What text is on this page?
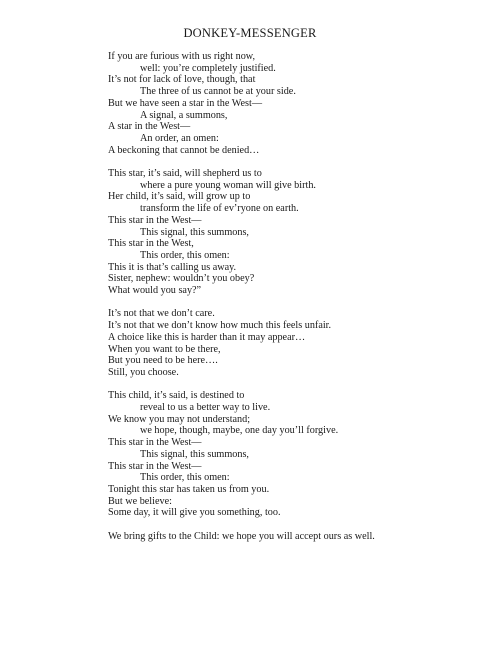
DONKEY-MESSENGER
If you are furious with us right now,
well: you’re completely justified.
It’s not for lack of love, though, that
The three of us cannot be at your side.
But we have seen a star in the West—
A signal, a summons,
A star in the West—
An order, an omen:
A beckoning that cannot be denied…
This star, it’s said, will shepherd us to
where a pure young woman will give birth.
Her child, it’s said, will grow up to
transform the life of ev’ryone on earth.
This star in the West—
This signal, this summons,
This star in the West,
This order, this omen:
This it is that’s calling us away.
Sister, nephew: wouldn’t you obey?
What would you say?”
It’s not that we don’t care.
It’s not that we don’t know how much this feels unfair.
A choice like this is harder than it may appear…
When you want to be there,
But you need to be here….
Still, you choose.
This child, it’s said, is destined to
reveal to us a better way to live.
We know you may not understand;
we hope, though, maybe, one day you’ll forgive.
This star in the West—
This signal, this summons,
This star in the West—
This order, this omen:
Tonight this star has taken us from you.
But we believe:
Some day, it will give you something, too.
We bring gifts to the Child: we hope you will accept ours as well.
